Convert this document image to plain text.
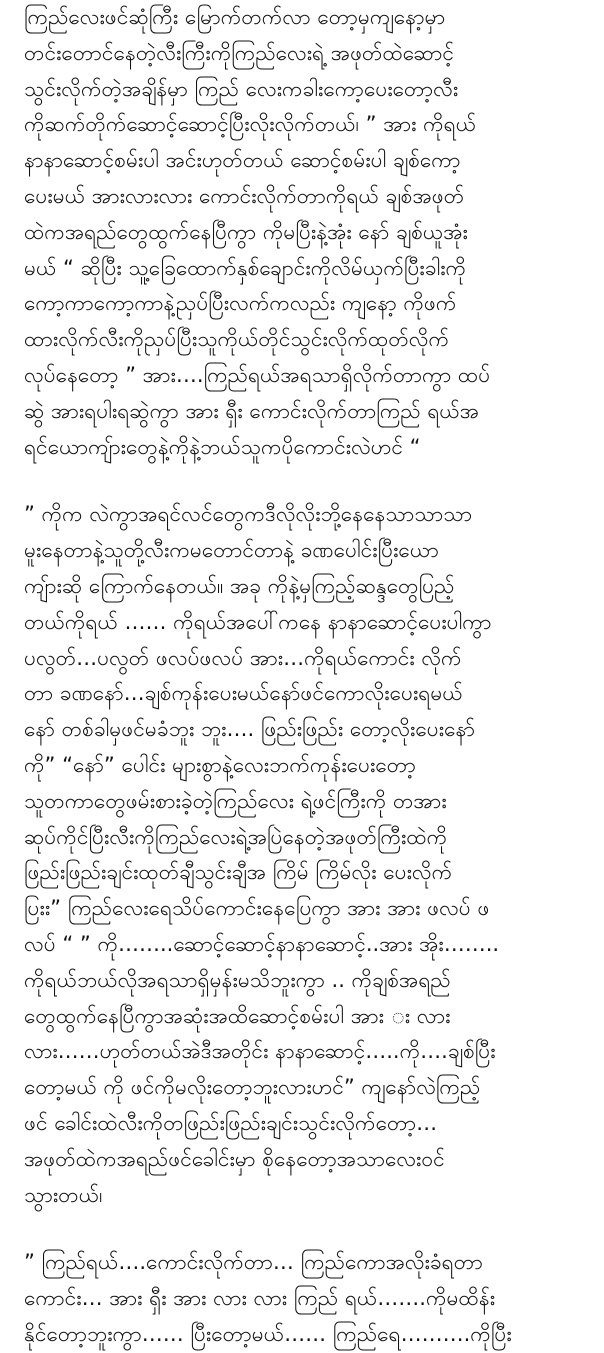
ကြည်လေးဖင်ဆုံကြီး မြောက်တက်လာ တော့မှကျနော့မှာ
တင်းတောင်နေတဲ့လီးကြီးကိုကြည်လေးရဲ့ အဖုတ်ထဲဆောင့်
သွင်းလိုက်တဲ့အချိန်မှာ ကြည် လေးကခါးကော့ပေးတော့လီး
ကိုဆက်တိုက်ဆောင့်ဆောင့်ပြီးလိုးလိုက်တယ်၊ ” အား ကိုရယ်
နာနာဆောင့်စမ်းပါ အင်းဟုတ်တယ် ဆောင့်စမ်းပါ ချစ်ကော့
ပေးမယ် အားလားလား ကောင်းလိုက်တာကိုရယ် ချစ်အဖုတ်
ထဲကအရည်တွေထွက်နေပြီကွာ ကိုမပြီးနဲ့အုံး နော် ချစ်ယူအုံး
မယ် “ ဆိုပြီး သူ့ခြေထောက်နှစ်ချောင်းကိုလိမ်ယှက်ပြီးခါးကို
ကော့ကာကော့ကာနဲ့ညှပ်ပြီးလက်ကလည်း ကျနော့ ကိုဖက်
ထားလိုက်လီးကိုညှပ်ပြီးသူကိုယ်တိုင်သွင်းလိုက်ထုတ်လိုက်
လုပ်နေတော့ ” အား….ကြည်ရယ်အရသာရှိလိုက်တာကွာ ထပ်
ဆွဲ အားရပါးရဆွဲကွာ အား ရှီး ကောင်းလိုက်တာကြည် ရယ်အ
ရင်ယောကျ်ားတွေနဲ့ကိုနဲ့ဘယ်သူကပိုကောင်းလဲဟင် “
” ကိုက လဲကွာအရင်လင်တွေကဒီလိုလိုးဘို့နေနေသာသာသာ
မူးနေတာနဲ့သူတို့လီးကမတောင်တာနဲ့ ခဏပေါင်းပြီးယော
ကျ်ားဆို ကြောက်နေတယ်။ အခု ကိုနဲ့မှကြည့်ဆန္ဒတွေပြည့်
တယ်ကိုရယ် …… ကိုရယ်အပေါ်ကနေ နာနာဆောင့်ပေးပါကွာ
ပလွတ်…ပလွတ် ဖလပ်ဖလပ် အား…ကိုရယ်ကောင်း လိုက်
တာ ခဏနော်…ချစ်ကုန်းပေးမယ်နော်ဖင်ကောလိုးပေးရမယ်
နော် တစ်ခါမှဖင်မခံဘူး ဘူး…. ဖြည်းဖြည်း တော့လိုးပေးနော်
ကို” “နော်” ပေါင်း များစွာနဲ့လေးဘက်ကုန်းပေးတော့
သူတကာတွေဖမ်းစားခဲ့တဲ့ကြည်လေး ရဲ့ဖင်ကြီးကို တအား
ဆုပ်ကိုင်ပြီးလီးကိုကြည်လေးရဲ့အပြဲနေတဲ့အဖုတ်ကြီးထဲကို
ဖြည်းဖြည်းချင်းထုတ်ချီသွင်းချီအ ကြိမ် ကြိမ်လိုး ပေးလိုက်
ပြးး” ကြည်လေးရေသိပ်ကောင်းနေပြေကွာ အား အား ဖလပ် ဖ
လပ် “ ” ကို……..ဆောင့်ဆောင့်နာနာဆောင့်..အား အိုး……..
ကိုရယ်ဘယ်လိုအရသာရှိမှန်းမသိဘူးကွာ .. ကိုချစ်အရည်
တွေထွက်နေပြီကွာအဆုံးအထိဆောင့်စမ်းပါ အား း လား
လား……ဟုတ်တယ်အဲဒီအတိုင်း နာနာဆောင့်…..ကို….ချစ်ပြီး
တော့မယ် ကို ဖင်ကိုမလိုးတော့ဘူးလားဟင်” ကျနော်လဲကြည့်
ဖင် ခေါင်းထဲလီးကိုတဖြည်းဖြည်းချင်းသွင်းလိုက်တော့…
အဖုတ်ထဲကအရည်ဖင်ခေါင်းမှာ စိုနေတော့အသာလေးဝင်
သွားတယ်၊
” ကြည်ရယ်….ကောင်းလိုက်တာ… ကြည်ကောအလိုးခံရတာ
ကောင်း… အား ရှီး အား လား လား ကြည် ရယ်…….ကိုမထိန်း
နိုင်တော့ဘူးကွာ…… ပြီးတော့မယ်…… ကြည်ရေ……….ကိုပြီး
